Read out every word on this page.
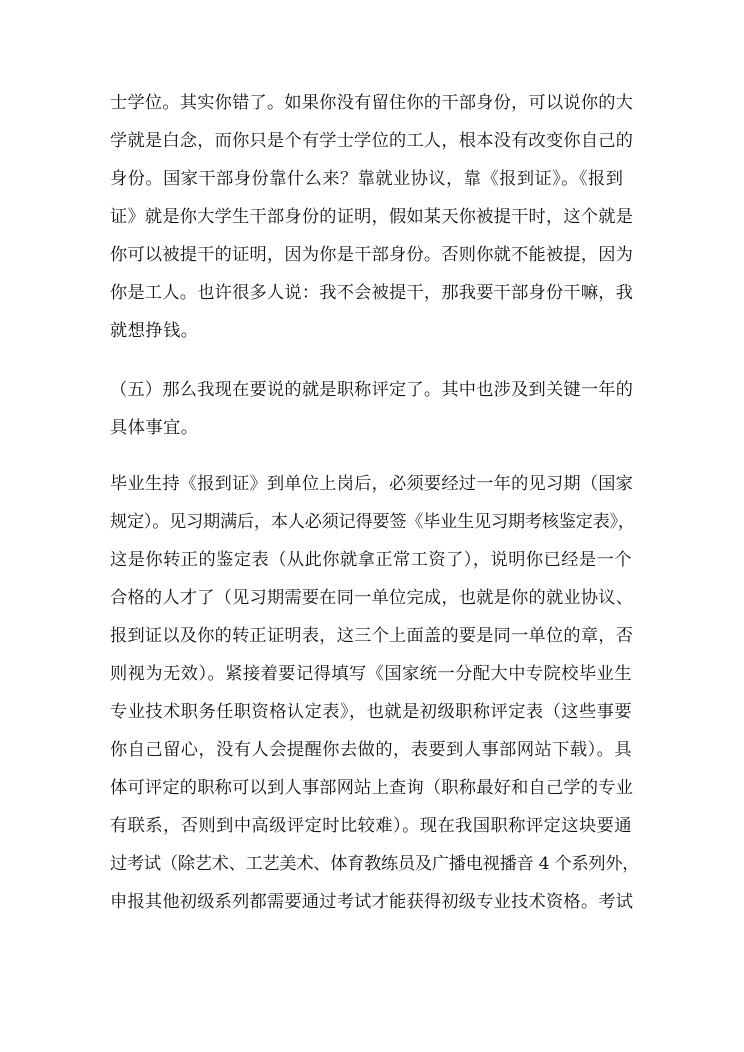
士学位。其实你错了。如果你没有留住你的干部身份，可以说你的大
学就是白念，而你只是个有学士学位的工人，根本没有改变你自己的
身份。国家干部身份靠什么来？靠就业协议，靠《报到证》。《报到
证》就是你大学生干部身份的证明，假如某天你被提干时，这个就是
你可以被提干的证明，因为你是干部身份。否则你就不能被提，因为
你是工人。也许很多人说：我不会被提干，那我要干部身份干嘛，我
就想挣钱。
（五）那么我现在要说的就是职称评定了。其中也涉及到关键一年的
具体事宜。
毕业生持《报到证》到单位上岗后，必须要经过一年的见习期（国家
规定）。见习期满后，本人必须记得要签《毕业生见习期考核鉴定表》，
这是你转正的鉴定表（从此你就拿正常工资了），说明你已经是一个
合格的人才了（见习期需要在同一单位完成，也就是你的就业协议、
报到证以及你的转正证明表，这三个上面盖的要是同一单位的章，否
则视为无效）。紧接着要记得填写《国家统一分配大中专院校毕业生
专业技术职务任职资格认定表》，也就是初级职称评定表（这些事要
你自己留心，没有人会提醒你去做的，表要到人事部网站下载）。具
体可评定的职称可以到人事部网站上查询（职称最好和自己学的专业
有联系，否则到中高级评定时比较难）。现在我国职称评定这块要通
过考试（除艺术、工艺美术、体育教练员及广播电视播音 4 个系列外，
申报其他初级系列都需要通过考试才能获得初级专业技术资格。考试
